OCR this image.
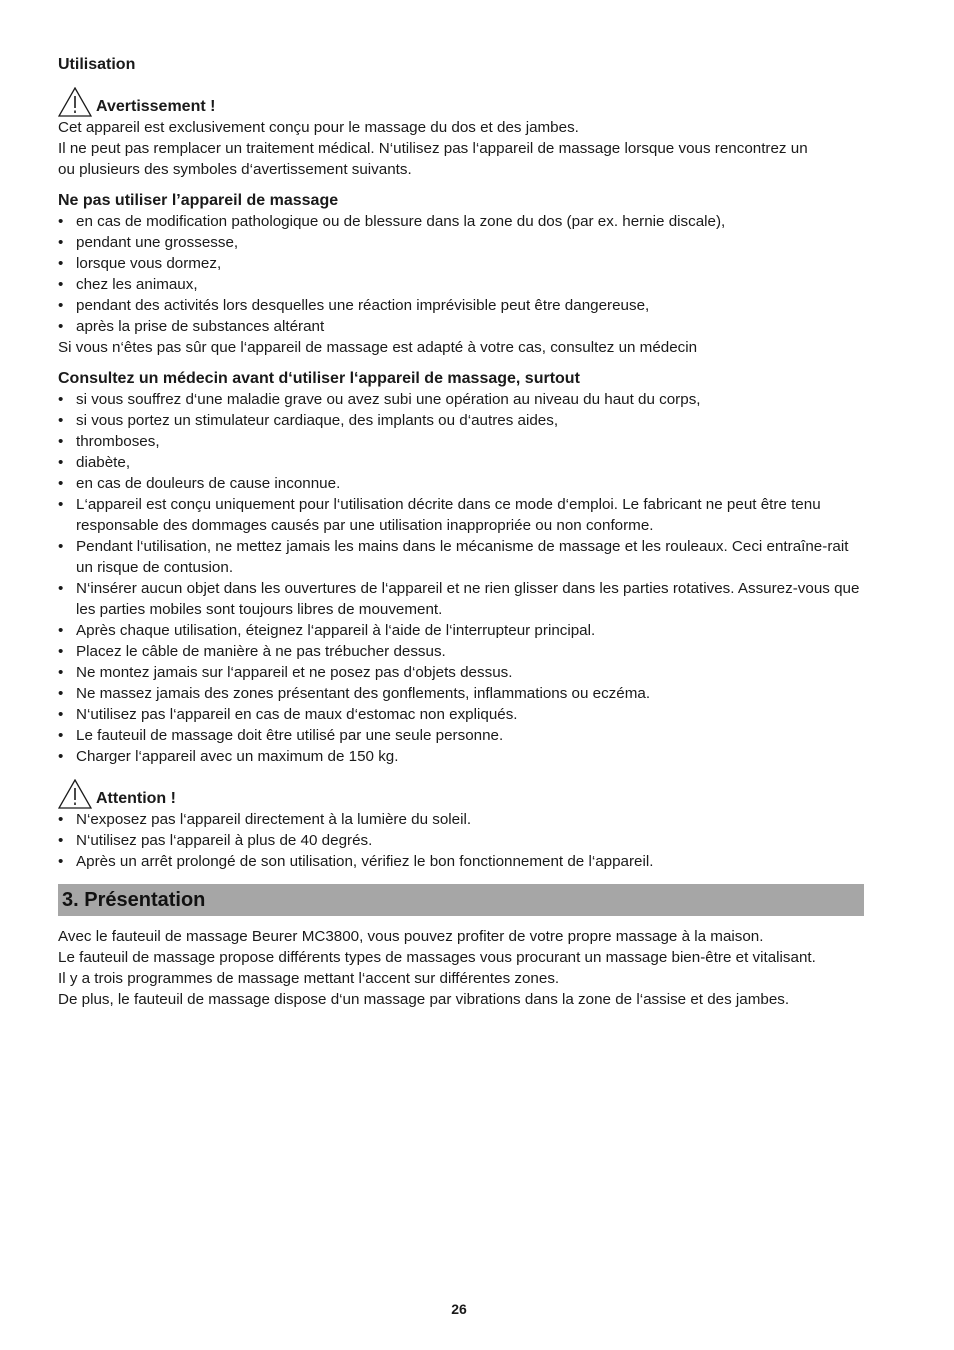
Utilisation

Avertissement !

Cet appareil est exclusivement conçu pour le massage du dos et des jambes.

Il ne peut pas remplacer un traitement médical. N‘utilisez pas l‘appareil de massage lorsque vous rencontrez un

ou plusieurs des symboles d‘avertissement suivants.

Ne pas utiliser l’appareil de massage

• en cas de modification pathologique ou de blessure dans la zone du dos (par ex. hernie discale),
• pendant une grossesse,
• lorsque vous dormez,
• chez les animaux,
• pendant des activités lors desquelles une réaction imprévisible peut être dangereuse,
• après la prise de substances altérant

Si vous n‘êtes pas sûr que l‘appareil de massage est adapté à votre cas, consultez un médecin

Consultez un médecin avant d‘utiliser l‘appareil de massage, surtout

• si vous souffrez d‘une maladie grave ou avez subi une opération au niveau du haut du corps,
• si vous portez un stimulateur cardiaque, des implants ou d‘autres aides,
• thromboses,
• diabète,
• en cas de douleurs de cause inconnue.
• L‘appareil est conçu uniquement pour l‘utilisation décrite dans ce mode d‘emploi. Le fabricant ne peut être tenu responsable des dommages causés par une utilisation inappropriée ou non conforme.
• Pendant l‘utilisation, ne mettez jamais les mains dans le mécanisme de massage et les rouleaux. Ceci entraîne-rait un risque de contusion.
• N‘insérer aucun objet dans les ouvertures de l‘appareil et ne rien glisser dans les parties rotatives. Assurez-vous que les parties mobiles sont toujours libres de mouvement.
• Après chaque utilisation, éteignez l‘appareil à l‘aide de l‘interrupteur principal.
• Placez le câble de manière à ne pas trébucher dessus.
• Ne montez jamais sur l‘appareil et ne posez pas d‘objets dessus.
• Ne massez jamais des zones présentant des gonflements, inflammations ou eczéma.
• N‘utilisez pas l‘appareil en cas de maux d‘estomac non expliqués.
• Le fauteuil de massage doit être utilisé par une seule personne.
• Charger l‘appareil avec un maximum de 150 kg.
Attention !
• N‘exposez pas l‘appareil directement à la lumière du soleil.
• N‘utilisez pas l‘appareil à plus de 40 degrés.
• Après un arrêt prolongé de son utilisation, vérifiez le bon fonctionnement de l‘appareil.
3. Présentation

Avec le fauteuil de massage Beurer MC3800, vous pouvez profiter de votre propre massage à la maison.

Le fauteuil de massage propose différents types de massages vous procurant un massage bien-être et vitalisant.

Il y a trois programmes de massage mettant l‘accent sur différentes zones.

De plus, le fauteuil de massage dispose d‘un massage par vibrations dans la zone de l‘assise et des jambes.

26
